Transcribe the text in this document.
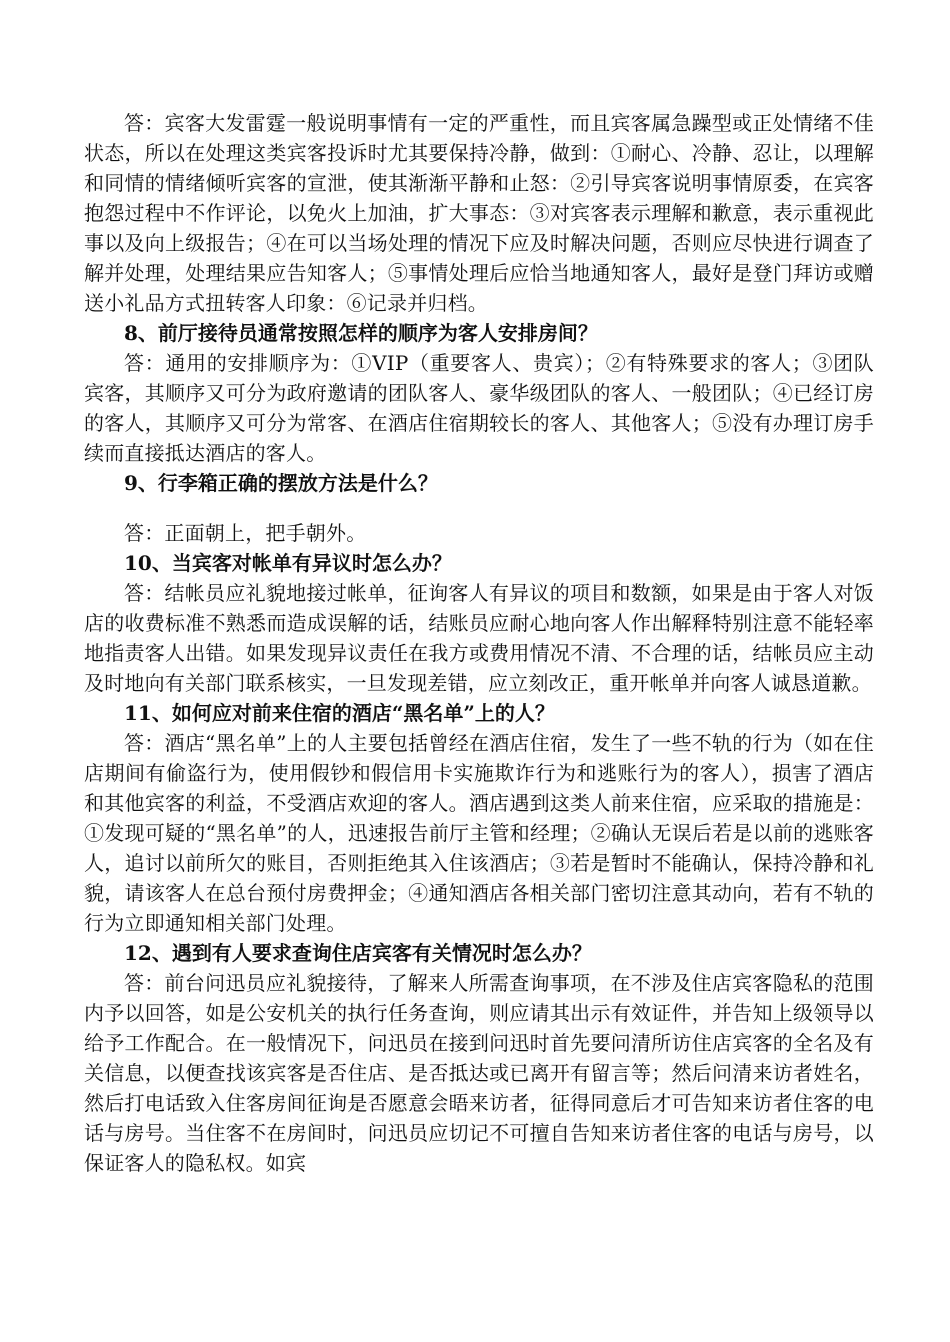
答：宾客大发雷霆一般说明事情有一定的严重性，而且宾客属急躁型或正处情绪不佳状态，所以在处理这类宾客投诉时尤其要保持冷静，做到：①耐心、冷静、忍让，以理解和同情的情绪倾听宾客的宣泄，使其渐渐平静和止怒：②引导宾客说明事情原委，在宾客抱怨过程中不作评论，以免火上加油，扩大事态：③对宾客表示理解和歉意，表示重视此事以及向上级报告；④在可以当场处理的情况下应及时解决问题，否则应尽快进行调查了解并处理，处理结果应告知客人；⑤事情处理后应恰当地通知客人，最好是登门拜访或赠送小礼品方式扭转客人印象：⑥记录并归档。

8、前厅接待员通常按照怎样的顺序为客人安排房间？

答：通用的安排顺序为：①VIP（重要客人、贵宾）；②有特殊要求的客人；③团队宾客，其顺序又可分为政府邀请的团队客人、豪华级团队的客人、一般团队；④已经订房的客人，其顺序又可分为常客、在酒店住宿期较长的客人、其他客人；⑤没有办理订房手续而直接抵达酒店的客人。

9、行李箱正确的摆放方法是什么？

答：正面朝上，把手朝外。

10、当宾客对帐单有异议时怎么办？

答：结帐员应礼貌地接过帐单，征询客人有异议的项目和数额，如果是由于客人对饭店的收费标准不熟悉而造成误解的话，结账员应耐心地向客人作出解释特别注意不能轻率地指责客人出错。如果发现异议责任在我方或费用情况不清、不合理的话，结帐员应主动及时地向有关部门联系核实，一旦发现差错，应立刻改正，重开帐单并向客人诚恳道歉。

11、如何应对前来住宿的酒店“黑名单”上的人？

答：酒店“黑名单”上的人主要包括曾经在酒店住宿，发生了一些不轨的行为（如在住店期间有偷盗行为，使用假钞和假信用卡实施欺诈行为和逃账行为的客人），损害了酒店和其他宾客的利益，不受酒店欢迎的客人。酒店遇到这类人前来住宿，应采取的措施是：①发现可疑的“黑名单”的人，迅速报告前厅主管和经理；②确认无误后若是以前的逃账客人，追讨以前所欠的账目，否则拒绝其入住该酒店；③若是暂时不能确认，保持冷静和礼貌，请该客人在总台预付房费押金；④通知酒店各相关部门密切注意其动向，若有不轨的行为立即通知相关部门处理。

12、遇到有人要求查询住店宾客有关情况时怎么办？

答：前台问迅员应礼貌接待，了解来人所需查询事项，在不涉及住店宾客隐私的范围内予以回答，如是公安机关的执行任务查询，则应请其出示有效证件，并告知上级领导以给予工作配合。在一般情况下，问迅员在接到问迅时首先要问清所访住店宾客的全名及有关信息，以便查找该宾客是否住店、是否抵达或已离开有留言等；然后问清来访者姓名，然后打电话致入住客房间征询是否愿意会晤来访者，征得同意后才可告知来访者住客的电话与房号。当住客不在房间时，问迅员应切记不可擅自告知来访者住客的电话与房号，以保证客人的隐私权。如宾
